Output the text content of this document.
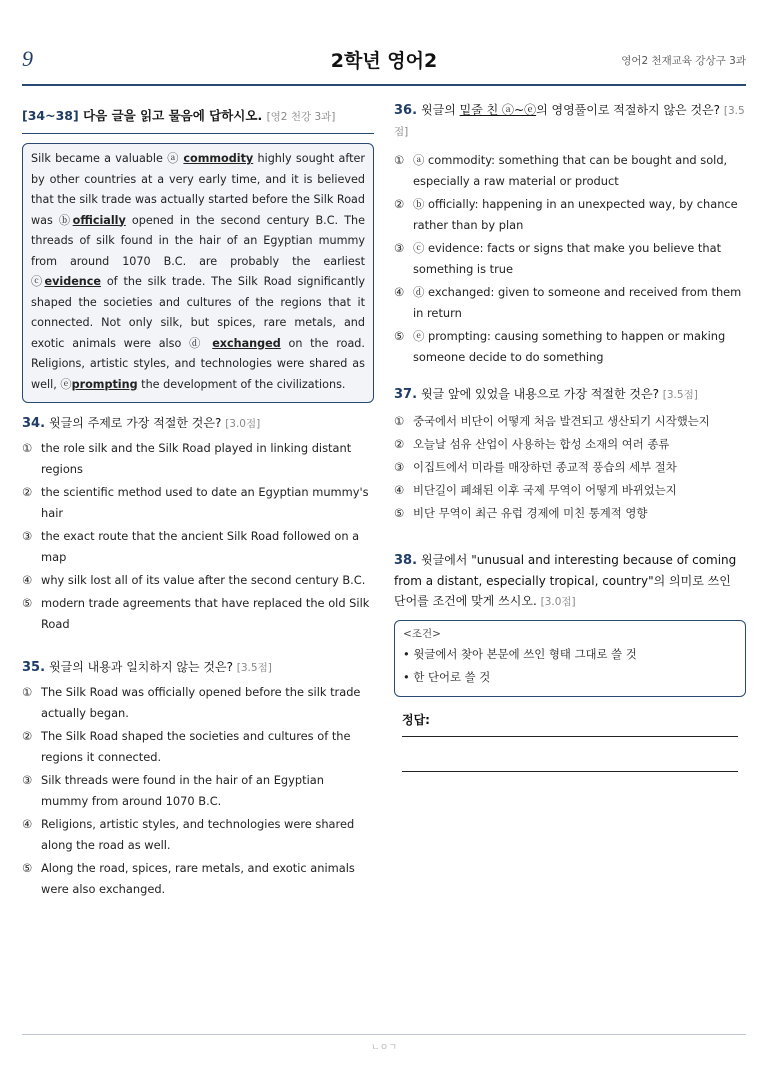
9	2학년 영어2	영어2 천재교육 강상구 3과
[34~38] 다음 글을 읽고 물음에 답하시오. [영2 천강 3과]
Silk became a valuable ⓐ commodity highly sought after by other countries at a very early time, and it is believed that the silk trade was actually started before the Silk Road was ⓑofficially opened in the second century B.C. The threads of silk found in the hair of an Egyptian mummy from around 1070 B.C. are probably the earliest ⓒevidence of the silk trade. The Silk Road significantly shaped the societies and cultures of the regions that it connected. Not only silk, but spices, rare metals, and exotic animals were also ⓓ exchanged on the road. Religions, artistic styles, and technologies were shared as well, ⓔprompting the development of the civilizations.
34. 윗글의 주제로 가장 적절한 것은? [3.0점]
① the role silk and the Silk Road played in linking distant regions
② the scientific method used to date an Egyptian mummy's hair
③ the exact route that the ancient Silk Road followed on a map
④ why silk lost all of its value after the second century B.C.
⑤ modern trade agreements that have replaced the old Silk Road
35. 윗글의 내용과 일치하지 않는 것은? [3.5점]
① The Silk Road was officially opened before the silk trade actually began.
② The Silk Road shaped the societies and cultures of the regions it connected.
③ Silk threads were found in the hair of an Egyptian mummy from around 1070 B.C.
④ Religions, artistic styles, and technologies were shared along the road as well.
⑤ Along the road, spices, rare metals, and exotic animals were also exchanged.
36. 윗글의 밑줄 친 ⓐ~ⓔ의 영영풀이로 적절하지 않은 것은? [3.5점]
① ⓐ commodity: something that can be bought and sold, especially a raw material or product
② ⓑ officially: happening in an unexpected way, by chance rather than by plan
③ ⓒ evidence: facts or signs that make you believe that something is true
④ ⓓ exchanged: given to someone and received from them in return
⑤ ⓔ prompting: causing something to happen or making someone decide to do something
37. 윗글 앞에 있었을 내용으로 가장 적절한 것은? [3.5점]
① 중국에서 비단이 어떻게 처음 발견되고 생산되기 시작했는지
② 오늘날 섬유 산업이 사용하는 합성 소재의 여러 종류
③ 이집트에서 미라를 매장하던 종교적 풍습의 세부 절차
④ 비단길이 폐쇄된 이후 국제 무역이 어떻게 바뀌었는지
⑤ 비단 무역이 최근 유럽 경제에 미친 통계적 영향
38. 윗글에서 "unusual and interesting because of coming from a distant, especially tropical, country"의 의미로 쓰인 단어를 조건에 맞게 쓰시오. [3.0점]
<조건>
• 윗글에서 찾아 본문에 쓰인 형태 그대로 쓸 것
• 한 단어로 쓸 것
정답:
ㄴㅇㄱ
